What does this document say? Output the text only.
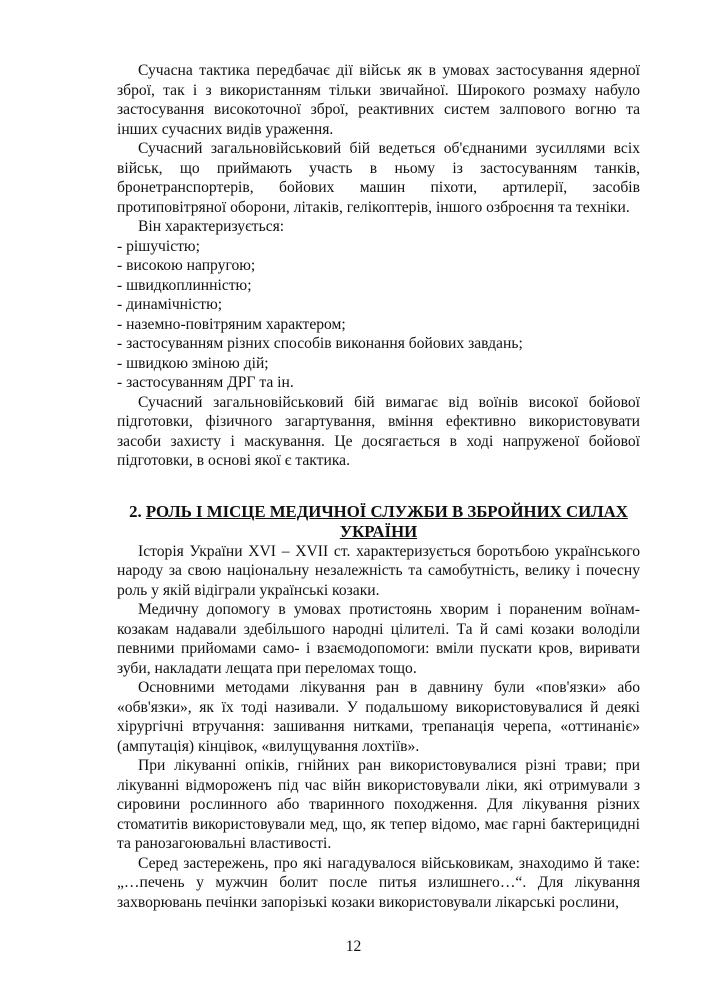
Сучасна тактика передбачає дії військ як в умовах застосування ядерної зброї, так і з використанням тільки звичайної. Широкого розмаху набуло застосування високоточної зброї, реактивних систем залпового вогню та інших сучасних видів ураження.

Сучасний загальновійськовий бій ведеться об'єднаними зусиллями всіх військ, що приймають участь в ньому із застосуванням танків, бронетранспортерів, бойових машин піхоти, артилерії, засобів протиповітряної оборони, літаків, гелікоптерів, іншого озброєння та техніки.

Він характеризується:

- рішучістю;
- високою напругою;
- швидкоплинністю;
- динамічністю;
- наземно-повітряним характером;
- застосуванням різних способів виконання бойових завдань;
- швидкою зміною дій;
- застосуванням ДРГ та ін.

Сучасний загальновійськовий бій вимагає від воїнів високої бойової підготовки, фізичного загартування, вміння ефективно використовувати засоби захисту і маскування. Це досягається в ході напруженої бойової підготовки, в основі якої є тактика.

2. РОЛЬ І МІСЦЕ МЕДИЧНОЇ СЛУЖБИ В ЗБРОЙНИХ СИЛАХ УКРАЇНИ

Історія України XVI – XVII ст. характеризується боротьбою українського народу за свою національну незалежність та самобутність, велику і почесну роль у якій відіграли українські козаки.

Медичну допомогу в умовах протистоянь хворим і пораненим воїнам-козакам надавали здебільшого народні цілителі. Та й самі козаки володіли певними прийомами само- і взаємодопомоги: вміли пускати кров, виривати зуби, накладати лещата при переломах тощо.

Основними методами лікування ран в давнину були «пов'язки» або «обв'язки», як їх тоді називали. У подальшому використовувалися й деякі хірургічні втручання: зашивання нитками, трепанація черепа, «оттинаніє» (ампутація) кінцівок, «вилущування лохтіїв».

При лікуванні опіків, гнійних ран використовувалися різні трави; при лікуванні відмороженъ під час війн використовували ліки, які отримували з сировини рослинного або тваринного походження. Для лікування різних стоматитів використовували мед, що, як тепер відомо, має гарні бактерицидні та ранозагоювальні властивості.

Серед застережень, про які нагадувалося військовикам, знаходимо й таке: „…печень у мужчин болит после питья излишнего…“. Для лікування захворювань печінки запорізькі козаки використовували лікарські рослини,

12
